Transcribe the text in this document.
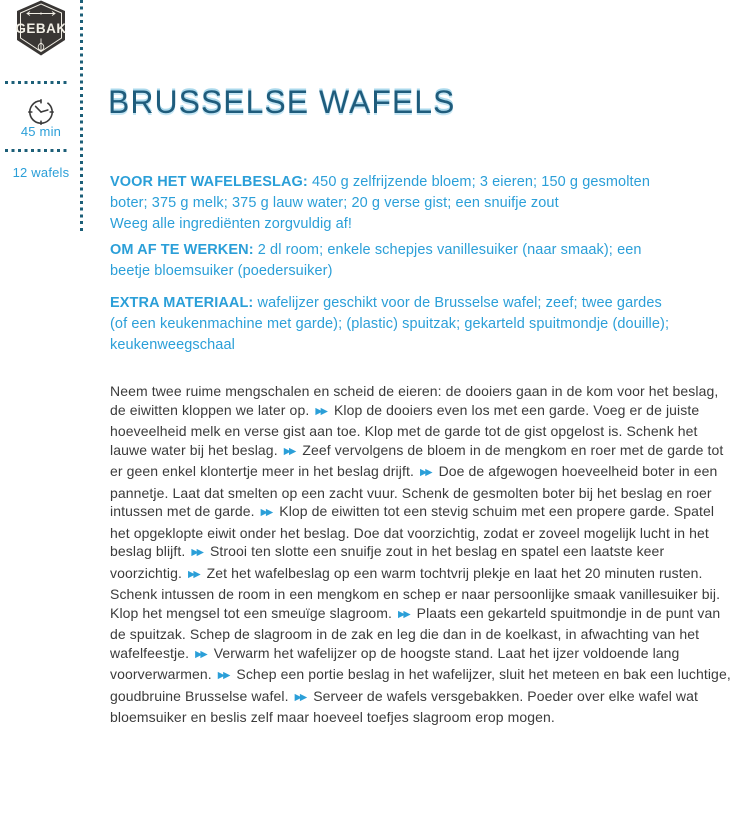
GEBAK
45 min
12 wafels
BRUSSELSE WAFELS
VOOR HET WAFELBESLAG: 450 g zelfrijzende bloem; 3 eieren; 150 g gesmolten boter; 375 g melk; 375 g lauw water; 20 g verse gist; een snuifje zout
Weeg alle ingrediënten zorgvuldig af!
OM AF TE WERKEN: 2 dl room; enkele schepjes vanillesuiker (naar smaak); een beetje bloemsuiker (poedersuiker)
EXTRA MATERIAAL: wafelijzer geschikt voor de Brusselse wafel; zeef; twee gardes (of een keukenmachine met garde); (plastic) spuitzak; gekarteld spuitmondje (douille); keukenweegschaal
Neem twee ruime mengschalen en scheid de eieren: de dooiers gaan in de kom voor het beslag, de eiwitten kloppen we later op. ▶▶ Klop de dooiers even los met een garde. Voeg er de juiste hoeveelheid melk en verse gist aan toe. Klop met de garde tot de gist opgelost is. Schenk het lauwe water bij het beslag. ▶▶ Zeef vervolgens de bloem in de mengkom en roer met de garde tot er geen enkel klontertje meer in het beslag drijft. ▶▶ Doe de afgewogen hoeveelheid boter in een pannetje. Laat dat smelten op een zacht vuur. Schenk de gesmolten boter bij het beslag en roer intussen met de garde. ▶▶ Klop de eiwitten tot een stevig schuim met een propere garde. Spatel het opgeklopte eiwit onder het beslag. Doe dat voorzichtig, zodat er zoveel mogelijk lucht in het beslag blijft. ▶▶ Strooi ten slotte een snuifje zout in het beslag en spatel een laatste keer voorzichtig. ▶▶ Zet het wafelbeslag op een warm tochtvrij plekje en laat het 20 minuten rusten.
Schenk intussen de room in een mengkom en schep er naar persoonlijke smaak vanillesuiker bij. Klop het mengsel tot een smeuïge slagroom. ▶▶ Plaats een gekarteld spuitmondje in de punt van de spuitzak. Schep de slagroom in de zak en leg die dan in de koelkast, in afwachting van het wafelfeestje. ▶▶ Verwarm het wafelijzer op de hoogste stand. Laat het ijzer voldoende lang voorverwarmen. ▶▶ Schep een portie beslag in het wafelijzer, sluit het meteen en bak een luchtige, goudbruine Brusselse wafel. ▶▶ Serveer de wafels versgebakken. Poeder over elke wafel wat bloemsuiker en beslis zelf maar hoeveel toefjes slagroom erop mogen.
